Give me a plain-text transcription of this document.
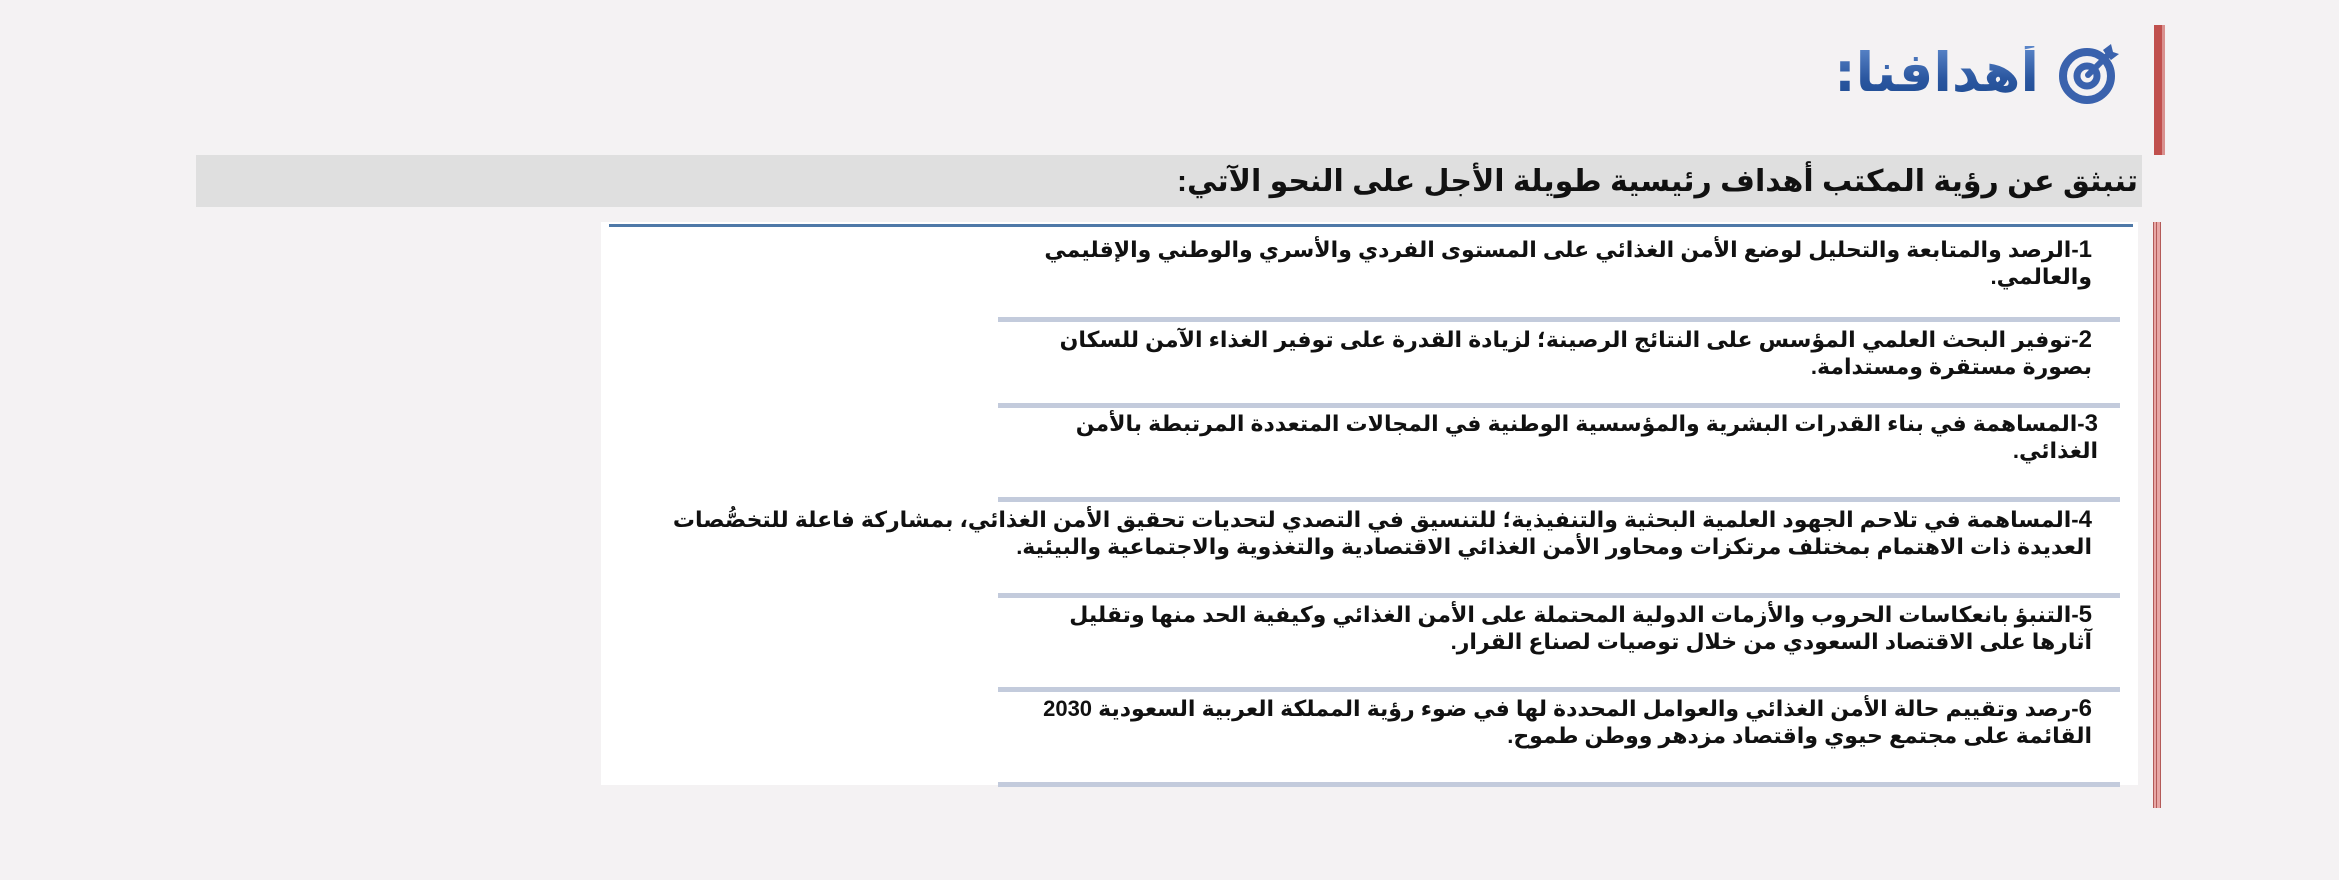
أهدافنا:
تنبثق عن رؤية المكتب أهداف رئيسية طويلة الأجل على النحو الآتي:
1-الرصد والمتابعة والتحليل لوضع الأمن الغذائي على المستوى الفردي والأسري والوطني والإقليمي والعالمي.
2-توفير البحث العلمي المؤسس على النتائج الرصينة؛ لزيادة القدرة على توفير الغذاء الآمن للسكان بصورة مستقرة ومستدامة.
3-المساهمة في بناء القدرات البشرية والمؤسسية الوطنية في المجالات المتعددة المرتبطة بالأمن الغذائي.
4-المساهمة في تلاحم الجهود العلمية البحثية والتنفيذية؛ للتنسيق في التصدي لتحديات تحقيق الأمن الغذائي، بمشاركة فاعلة للتخصُّصات العديدة ذات الاهتمام بمختلف مرتكزات ومحاور الأمن الغذائي الاقتصادية والتغذوية والاجتماعية والبيئية.
5-التنبؤ بانعكاسات الحروب والأزمات الدولية المحتملة على الأمن الغذائي وكيفية الحد منها وتقليل آثارها على الاقتصاد السعودي من خلال توصيات لصناع القرار.
6-رصد وتقييم حالة الأمن الغذائي والعوامل المحددة لها في ضوء رؤية المملكة العربية السعودية 2030 القائمة على مجتمع حيوي واقتصاد مزدهر ووطن طموح.
